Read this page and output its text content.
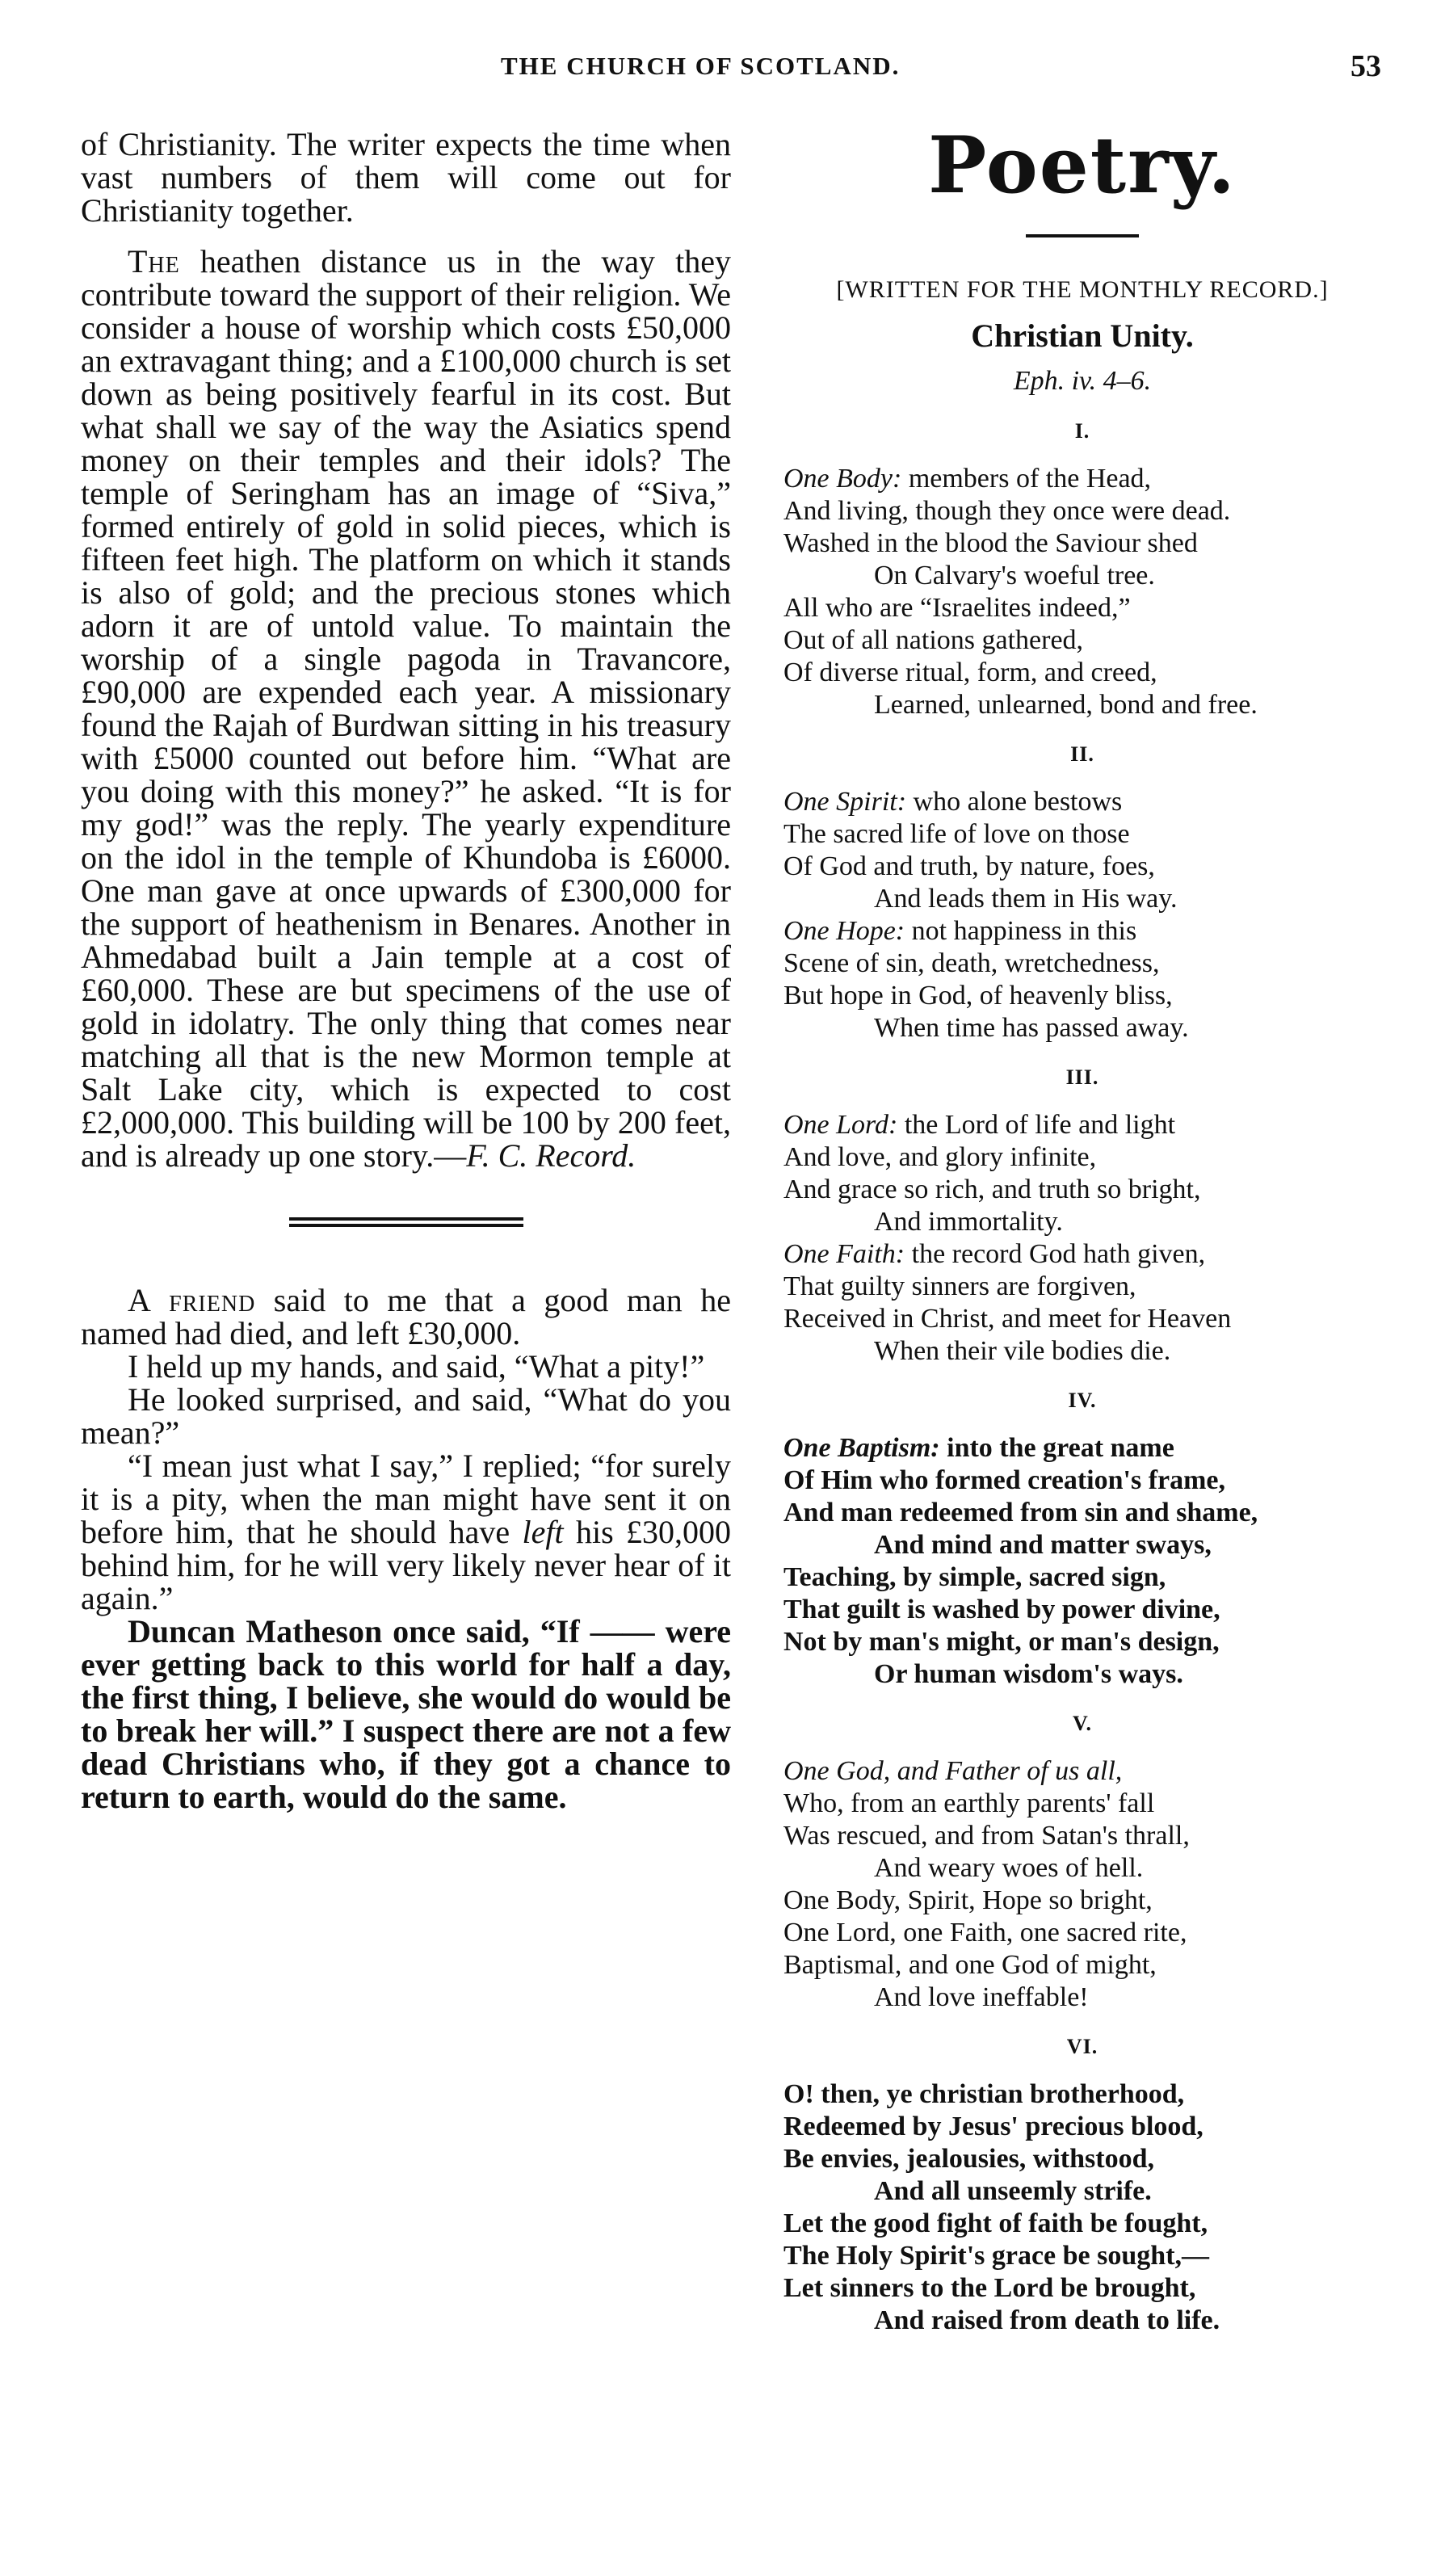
THE CHURCH OF SCOTLAND.	53

of Christianity. The writer expects the time when vast numbers of them will come out for Christianity together.

The heathen distance us in the way they contribute toward the support of their religion. We consider a house of worship which costs £50,000 an extravagant thing; and a £100,000 church is set down as being positively fearful in its cost. But what shall we say of the way the Asiatics spend money on their temples and their idols? The temple of Seringham has an image of “Siva,” formed entirely of gold in solid pieces, which is fifteen feet high. The platform on which it stands is also of gold; and the precious stones which adorn it are of untold value. To maintain the worship of a single pagoda in Travancore, £90,000 are expended each year. A missionary found the Rajah of Burdwan sitting in his treasury with £5000 counted out before him. “What are you doing with this money?” he asked. “It is for my god!” was the reply. The yearly expenditure on the idol in the temple of Khundoba is £6000. One man gave at once upwards of £300,000 for the support of heathenism in Benares. Another in Ahmedabad built a Jain temple at a cost of £60,000. These are but specimens of the use of gold in idolatry. The only thing that comes near matching all that is the new Mormon temple at Salt Lake city, which is expected to cost £2,000,000. This building will be 100 by 200 feet, and is already up one story.—F. C. Record.

A friend said to me that a good man he named had died, and left £30,000.

I held up my hands, and said, “What a pity!”

He looked surprised, and said, “What do you mean?”

“I mean just what I say,” I replied; “for surely it is a pity, when the man might have sent it on before him, that he should have left his £30,000 behind him, for he will very likely never hear of it again.”

Duncan Matheson once said, “If —— were ever getting back to this world for half a day, the first thing, I believe, she would do would be to break her will.” I suspect there are not a few dead Christians who, if they got a chance to return to earth, would do the same.

Poetry.

[WRITTEN FOR THE MONTHLY RECORD.]

Christian Unity.

Eph. iv. 4–6.

I.
One Body: members of the Head,
And living, though they once were dead.
Washed in the blood the Saviour shed
On Calvary's woeful tree.
All who are “Israelites indeed,”
Out of all nations gathered,
Of diverse ritual, form, and creed,
Learned, unlearned, bond and free.
II.
One Spirit: who alone bestows
The sacred life of love on those
Of God and truth, by nature, foes,
And leads them in His way.
One Hope: not happiness in this
Scene of sin, death, wretchedness,
But hope in God, of heavenly bliss,
When time has passed away.
III.
One Lord: the Lord of life and light
And love, and glory infinite,
And grace so rich, and truth so bright,
And immortality.
One Faith: the record God hath given,
That guilty sinners are forgiven,
Received in Christ, and meet for Heaven
When their vile bodies die.
IV.
One Baptism: into the great name
Of Him who formed creation's frame,
And man redeemed from sin and shame,
And mind and matter sways,
Teaching, by simple, sacred sign,
That guilt is washed by power divine,
Not by man's might, or man's design,
Or human wisdom's ways.
V.
One God, and Father of us all,
Who, from an earthly parents' fall
Was rescued, and from Satan's thrall,
And weary woes of hell.
One Body, Spirit, Hope so bright,
One Lord, one Faith, one sacred rite,
Baptismal, and one God of might,
And love ineffable!
VI.
O! then, ye christian brotherhood,
Redeemed by Jesus' precious blood,
Be envies, jealousies, withstood,
And all unseemly strife.
Let the good fight of faith be fought,
The Holy Spirit's grace be sought,—
Let sinners to the Lord be brought,
And raised from death to life.
